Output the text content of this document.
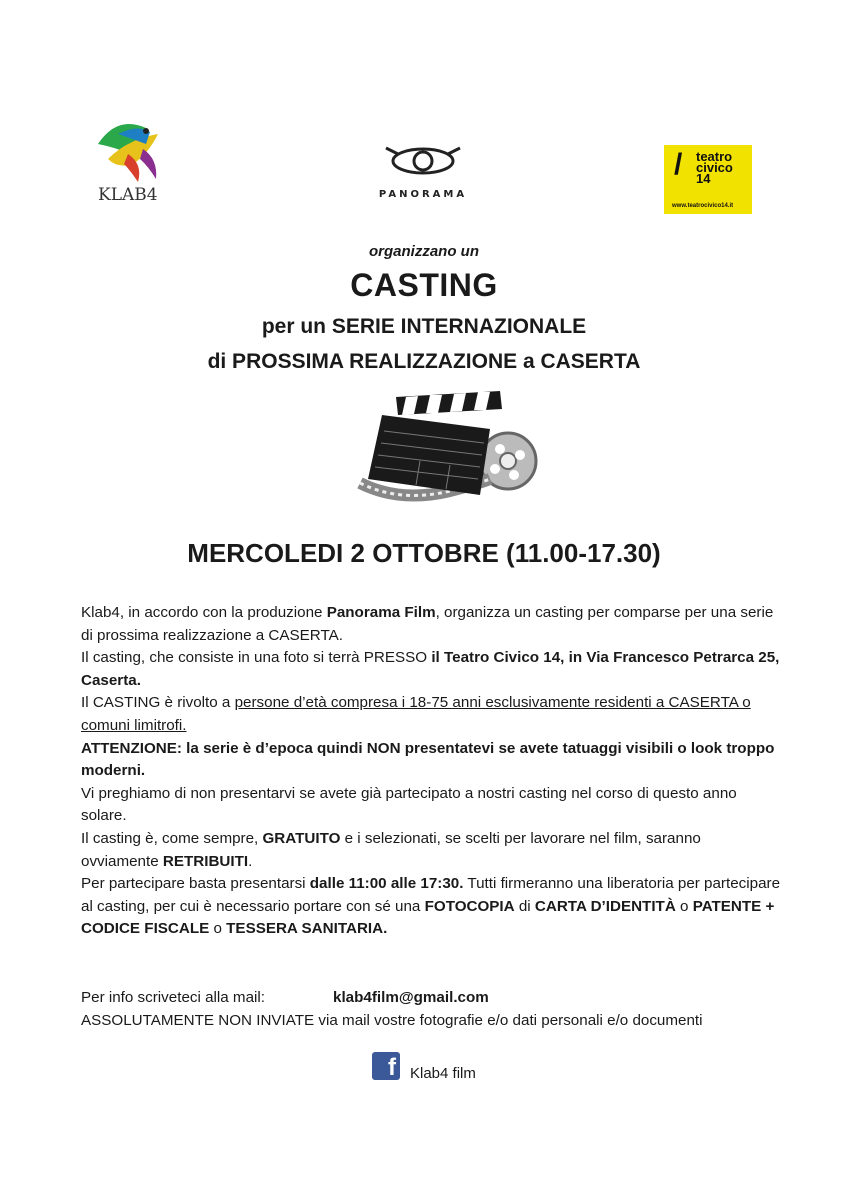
KLAB4	PANORAMA
/ teatro
civico
14
www.teatrocivico14.it
organizzano un
CASTING
per un SERIE INTERNAZIONALE
di PROSSIMA REALIZZAZIONE a CASERTA
MERCOLEDI 2 OTTOBRE (11.00-17.30)

Klab4, in accordo con la produzione Panorama Film, organizza un casting per comparse per una serie di prossima realizzazione a CASERTA.

Il casting, che consiste in una foto si terrà PRESSO il Teatro Civico 14, in Via Francesco Petrarca 25, Caserta.

Il CASTING è rivolto a persone d’età compresa i 18-75 anni esclusivamente residenti a CASERTA o comuni limitrofi.

ATTENZIONE: la serie è d’epoca quindi NON presentatevi se avete tatuaggi visibili o look troppo moderni.

Vi preghiamo di non presentarvi se avete già partecipato a nostri casting nel corso di questo anno solare.

Il casting è, come sempre, GRATUITO e i selezionati, se scelti per lavorare nel film, saranno ovviamente RETRIBUITI.

Per partecipare basta presentarsi dalle 11:00 alle 17:30. Tutti firmeranno una liberatoria per partecipare al casting, per cui è necessario portare con sé una FOTOCOPIA di CARTA D’IDENTITÀ o PATENTE + CODICE FISCALE o TESSERA SANITARIA.

Per info scriveteci alla mail:	klab4film@gmail.com
ASSOLUTAMENTE NON INVIATE via mail vostre fotografie e/o dati personali e/o documenti
f Klab4 film
